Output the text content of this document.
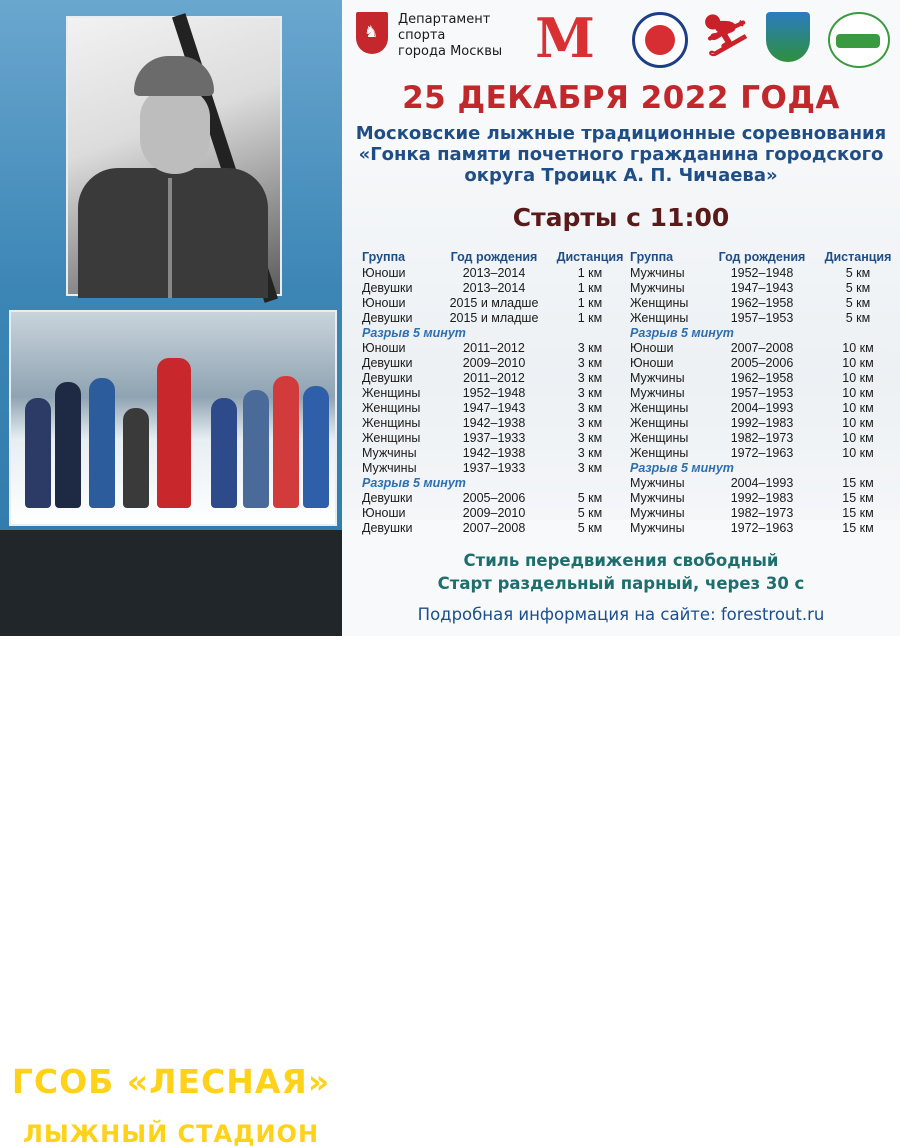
ГСОБ «ЛЕСНАЯ»
ЛЫЖНЫЙ СТАДИОН
♞
Департамент
спорта
города Москвы M	⛷
25 ДЕКАБРЯ 2022 ГОДА
Московские лыжные традиционные соревнования
«Гонка памяти почетного гражданина городского
округа Троицк А. П. Чичаева»
Старты с 11:00
Группа	Год рождения	Дистанция
Юноши	2013–2014	1 км
Девушки	2013–2014	1 км
Юноши	2015 и младше	1 км
Девушки	2015 и младше	1 км
Разрыв 5 минут		
Юноши	2011–2012	3 км
Девушки	2009–2010	3 км
Девушки	2011–2012	3 км
Женщины	1952–1948	3 км
Женщины	1947–1943	3 км
Женщины	1942–1938	3 км
Женщины	1937–1933	3 км
Мужчины	1942–1938	3 км
Мужчины	1937–1933	3 км
Разрыв 5 минут		
Девушки	2005–2006	5 км
Юноши	2009–2010	5 км
Девушки	2007–2008	5 км
Группа	Год рождения	Дистанция
Мужчины	1952–1948	5 км
Мужчины	1947–1943	5 км
Женщины	1962–1958	5 км
Женщины	1957–1953	5 км
Разрыв 5 минут		
Юноши	2007–2008	10 км
Юноши	2005–2006	10 км
Мужчины	1962–1958	10 км
Мужчины	1957–1953	10 км
Женщины	2004–1993	10 км
Женщины	1992–1983	10 км
Женщины	1982–1973	10 км
Женщины	1972–1963	10 км
Разрыв 5 минут		
Мужчины	2004–1993	15 км
Мужчины	1992–1983	15 км
Мужчины	1982–1973	15 км
Мужчины	1972–1963	15 км
Стиль передвижения свободный
Старт раздельный парный, через 30 с
Подробная информация на сайте: forestrout.ru
